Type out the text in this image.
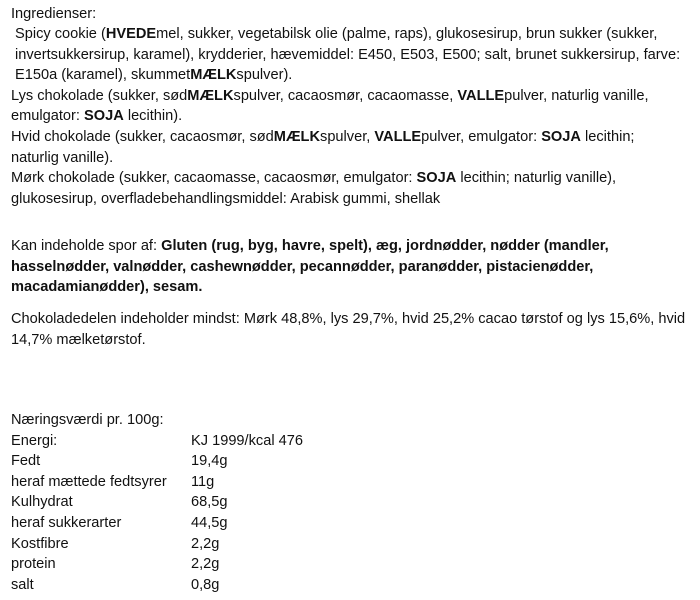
Ingredienser:

Spicy cookie (HVEDEmel, sukker, vegetabilsk olie (palme, raps), glukosesirup, brun sukker (sukker, invertsukkersirup, karamel), krydderier, hævemiddel: E450, E503, E500; salt, brunet sukkersirup, farve: E150a (karamel), skummetMÆLKspulver).

Lys chokolade (sukker, sødMÆLKspulver, cacaosmør, cacaomasse, VALLEpulver, naturlig vanille, emulgator: SOJA lecithin).

Hvid chokolade (sukker, cacaosmør, sødMÆLKspulver, VALLEpulver, emulgator: SOJA lecithin; naturlig vanille).

Mørk chokolade (sukker, cacaomasse, cacaosmør, emulgator: SOJA lecithin; naturlig vanille), glukosesirup, overfladebehandlingsmiddel: Arabisk gummi, shellak

Kan indeholde spor af: Gluten (rug, byg, havre, spelt), æg, jordnødder, nødder (mandler, hasselnødder, valnødder, cashewnødder, pecannødder, paranødder, pistacienødder, macadamianødder), sesam.

Chokoladedelen indeholder mindst: Mørk 48,8%, lys 29,7%, hvid 25,2% cacao tørstof og lys 15,6%, hvid 14,7% mælketørstof.

Næringsværdi pr. 100g:

Energi:	KJ 1999/kcal 476
Fedt	19,4g
heraf mættede fedtsyrer	11g
Kulhydrat	68,5g
heraf sukkerarter	44,5g
Kostfibre	2,2g
protein	2,2g
salt	0,8g
